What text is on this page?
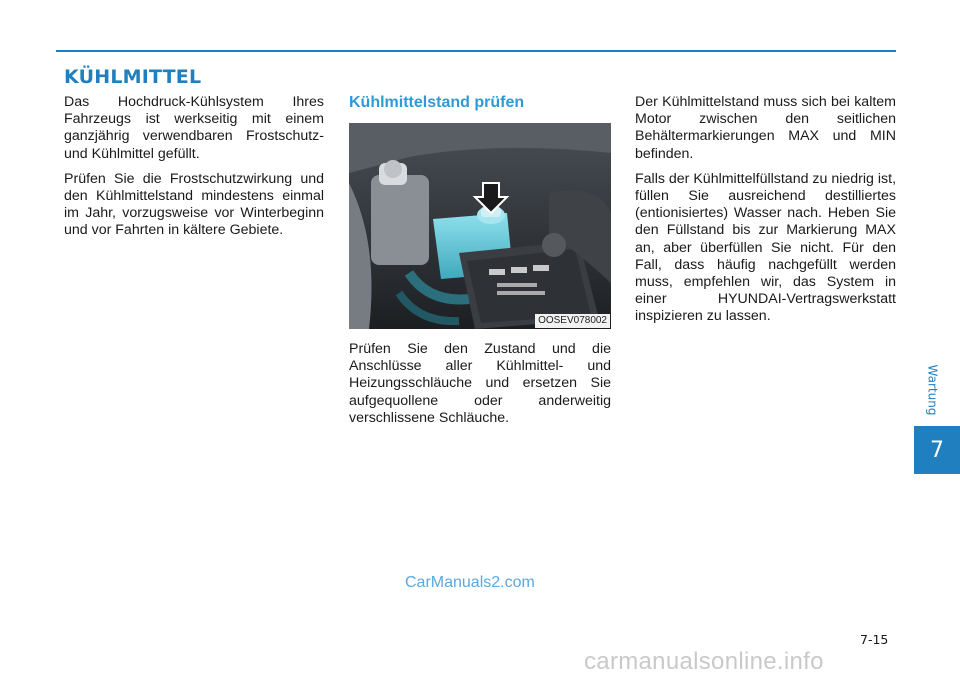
KÜHLMITTEL

Das Hochdruck-Kühlsystem Ihres Fahrzeugs ist werkseitig mit einem ganzjährig verwendbaren Frostschutz- und Kühlmittel gefüllt.

Prüfen Sie die Frostschutzwirkung und den Kühlmittelstand mindestens einmal im Jahr, vorzugsweise vor Winterbeginn und vor Fahrten in kältere Gebiete.

Kühlmittelstand prüfen
OOSEV078002

Prüfen Sie den Zustand und die Anschlüsse aller Kühlmittel- und Heizungsschläuche und ersetzen Sie aufgequollene oder anderweitig verschlissene Schläuche.

Der Kühlmittelstand muss sich bei kaltem Motor zwischen den seitlichen Behältermarkierungen MAX und MIN befinden.

Falls der Kühlmittelfüllstand zu niedrig ist, füllen Sie ausreichend destilliertes (entionisiertes) Wasser nach. Heben Sie den Füllstand bis zur Markierung MAX an, aber überfüllen Sie nicht. Für den Fall, dass häufig nachgefüllt werden muss, empfehlen wir, das System in einer HYUNDAI-Vertragswerkstatt inspizieren zu lassen.

Wartung
7
CarManuals2.com
7-15
carmanualsonline.info
